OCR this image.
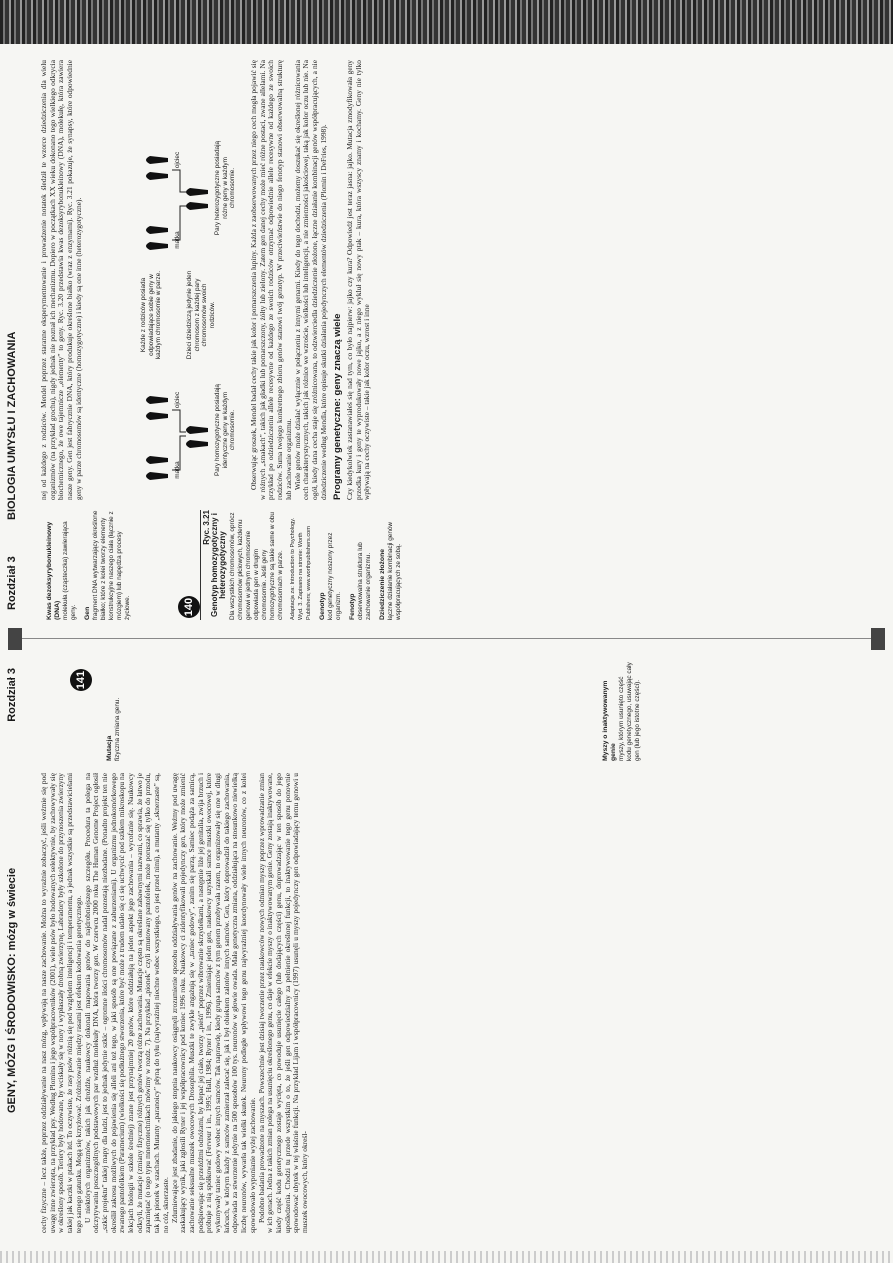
Rozdział 3
BIOLOGIA UMYSŁU I ZACHOWANIA
140
Kwas dezoksyrybonukleinowy (DNA) molekuła (cząsteczka) zawierająca geny. Gen fragment DNA wytwarzający określone białko; które z kolei tworzy elementy konstrukcyjne naszego ciała (łącznie z mózgiem) lub napędza procesy życiowe.

Ryc. 3.21 Genotyp homozygotyczny i heterozygotyczny Dla wszystkich chromosomów, oprócz chromosomów płciowych, każdemu genowi w jednym chromosomie odpowiada gen w drugim chromosomie. Jeśli geny homozygotyczne są takie same w obu chromosomach w parze. Adaptacja za: Introduction to Psychology. Wyd. 3. Zapisano na stronie: Worth Publishers; www.worthpublishers.com Genotyp kod genetyczny noszony przez organizm. Fenotyp obserwowalna struktura lub zachowanie organizmu. Dziedziczenie złożone łączne działanie kombinacji genów współpracujących ze sobą.

nej od każdego z rodziców. Mendel poprzez staranne eksperymentowanie i prowadzenie notatek śledził te wzorce dziedziczenia dla wielu organizmów (na przykład grochu), nigdy jednak nie poznał ich mechanizmu. Dopiero w początkach XX wieku dokonano tego wielkiego odkrycia biochemicznego, że owe tajemnicze „elementy” to geny. Ryc. 3.20 przedstawia kwas dezoksyrybonukleinowy (DNA), molekułę, która zawiera nasze geny. Gen jest fabrycznie DNA, który produkuje określone białko (wraz z enzymami). Ryc. 3.21 pokazuje, że synapsy, które odpowiednie geny w parze chromosomów są identyczne (homozygotyczne) i kiedy są one inne (heterozygotyczne).	matka
ojciec	Pary homozygotyczne posiadają identyczne geny w każdym chromosomie.
Każde z rodziców posiada odpowiadające sobie geny w każdym chromosomie w parze.	Dzieci dziedziczą jedynie jeden chromosom z każdej pary chromosomów swoich rodziców.
matka
ojciec	Pary heterozygotyczne posiadają różne geny w każdym chromosomie. Obserwując groszek, Mendel badał cechy takie jak kolor i pomarszczenia lupiny. Każda z zaobserwowanych przez niego cech mogła pojawić się w różnych „smakach”, takich jak gładki lub pomarszczony, żółty lub zielony. Zatem gen danej cechy może mieć różne postaci, zwane allelami. Na przykład po odziedziczeniu allele recesywne od każdego ze swoich rodziców otrzymać odpowiednie allele recesywne od każdego ze swoich rodziców. Suma twojego konkretnego zbioru genów stanowi twój genotyp. W przeciwieństwie do niego fenotyp stanowi obserwowalną strukturę lub zachowanie organizmu. Wiele genów może działać wyłącznie w połączeniu z innymi genami. Kiedy do tego dochodzi, możemy doszukać się określonej różnicowania cech charakterystycznych, takich jak różnice we wzroście, wielkości lub inteligencji, a nie zmienności jakościowej, taką jak kolor oczu lub nie. Na ogół, kiedy dana cecha staje się zróżnicowana, to odzwierciedla dziedziczenie złożone, łączne działanie kombinacji genów współpracujących, a nie dziedziczenie według Mendla, które opisuje skutki działania pojedynczych elementów dziedziczenia (Plomin i DeFries, 1998). Programy genetyczne: geny znaczą wiele Czy kiedykolwiek zastanawiałeś się nad tym, co było najpierw: jajko czy kura? Odpowiedź jest teraz jasna: jajko. Mutacja zmodyfikowała geny przodka kury i geny te wyprodukowały nowe jajko, a z niego wykluł się nowy ptak – kura, która wszyscy znamy i kochamy. Geny nie tylko wpływają na cechy oczywiste – takie jak kolor oczu, wzrost i inne

GENY, MÓZG I ŚRODOWISKO: mózg w świecie
Rozdział 3	141

cechy fizyczne – lecz także, poprzez oddziaływanie na nasz mózg, wpływają na nasze zachowanie. Można to wyraźnie zobaczyć, jeśli weźmie się pod uwagę inne zwierzęta, na przykład psy. Według Plomina i jego współpracowników (2001), wiele psów było hodowanych selektywnie, by zachowywały się w określony sposób. Teriery były hodowane, by wciskały się w nory i wypłaszały drobną zwierzynę, Labradory były szkolone do przynoszenia zwierzyny takiej jak kaczki w ptakach itd. To oczywiste, że rasy psów różnią się pod względem inteligencji i temperamentu, a jednak wszystkie są przedstawicielami tego samego gatunku. Mogą się krzyżować. Zróżnicowanie między rasami jest efektem kodowania genetycznego. U niektórych organizmów, takich jak drożdże, naukowcy dokonali mapowania genów do najdrobniejszego szczegółu. Procedura ta polega na odczytywaniu poszczególnych podstawowych par wzdłuż molekuły DNA, która tworzy gen. W czerwcu 2000 roku The Human Genome Project ogłosił „szkic projektu” takiej mapy dla ludzi, jest to jednak jedynie szkic – ogromne ilości chromosomów nadal pozostają niezbadane. (Ponadto projekt ten nie określił zakresu możliwych do pojawienia się alleli ani też tego, w jaki sposób są one powiązane z zaburzeniami). U organizmu jednokomórkowego zwanego pantofelkiem (Paramecium) (wielkości się podłużnego stworzenia, które być może z trudem udało się ci się uchwycić pod szkłem mikroskopu na lekcjach biologii w szkole średniej) znane jest przynajmniej 20 genów, które oddziałują na jeden aspekt jego zachowania – wycofanie się. Naukowcy odkryli, że mutacje (zmiany fizyczne) różnych genów tworzą różne zachowania. Mutacje często są określane zabawnymi nazwami, co sprawia, że łatwo je zapamiętać (o tego typu mnemotechnikach mówimy w rozdz. 7). Na przykład „pionek” czyli zmutowany pantofelek, może poruszać się tylko do przodu, tak jak pionek w szachach. Mutanty „paranoicy” płyną do tyłu (najwyraźniej niechne wobec wszystkiego, co jest przed nimi), a mutanty „sknerzaste” są, no cóż, sknerzaste. Zdumiewające jest zbadanie, do jakiego stopnia naukowcy osiągnęli zrozumienie sposobu oddziaływania genów na zachowanie. Weźmy pod uwagę zaskakujący wynik, jaki zgłosili Ryner i jej współpracownicy pod koniec 1996 roku. Naukowcy ci zidentyfikowali pojedynczy gen, który może zmienić zachowanie seksualne muszek owocowych Drosophila. Muszki te zwykle angażują się w „taniec godowy”, zanim się parzą. Samiec podąża za samicą, podśpiewując się przeźdźmi odnóżami, by klepać jej ciało, tworzy „pieśń” poprzez wibrowanie skrzydełkami, a następnie liże jej genitalia, zwija brzuch i próbuje z nią spółkować (Ferveur i in., 1995; Hall, 1984; Ryner i in., 1996). Zmieniając jeden gen, naukowcy uzyskali samce muszki owocowej, które wykonywały taniec godowy wobec innych samców. Tak naprawdę, kiedy grupa samców z tym genem przebywała razem, to organizowały się one w długi łańcuch, w którym każdy z samców zamierzał zalecać się, jak i był obiektem zalotów innych samców. Gen, który doprowadził do takiego zachowania, odpowiada za stworzenie jedynie na 500 sposobów 100 tys. neuronów w głowie owada. Mała genetyczna zmiana, oddziałująca na stosunkowo niewielką liczbę neuronów, wywarła tak wielki skutek. Neurony podległe wpływowi tego genu najwyraźniej koordynowały wiele innych neuronów, co z kolei spowodowało wyponianie wyżej zachowanie. Podobne badania prowadzone na myszach. Powszechnie jest dzisiaj tworzenie przez naukowców nowych odmian myszy poprzez wprowadzanie zmian w ich genach. Jedna z takich zmian polega na usunięciu określonego genu, co daje w efekcie myszy o inaktywowanym genie. Geny zostają inaktywowane, kiedy część kodu genetycznego zostaje wycięta, co powoduje usunięcie całego (lub dodających części) genu, doprowadzając w ten sposób do jego upośledzenia. Chodzi tu przede wszystkim o to, że jeśli gen odpowiedzialny za pełnienie określonej funkcji, to inaktywowanie tego genu ponownie spowodować ubytek w tej właśnie funkcji. Na przykład Lijam i współpracownicy (1997) usunęli u myszy pojedynczy gen odpowiadający temu genowi u muszek owocowych, który określ-

Mutacja fizyczna zmiana genu.	Myszy o inaktywowanym genie myszy, którym usunięto część kodu genetycznego, usuwając cały gen (lub jego istotne części).
